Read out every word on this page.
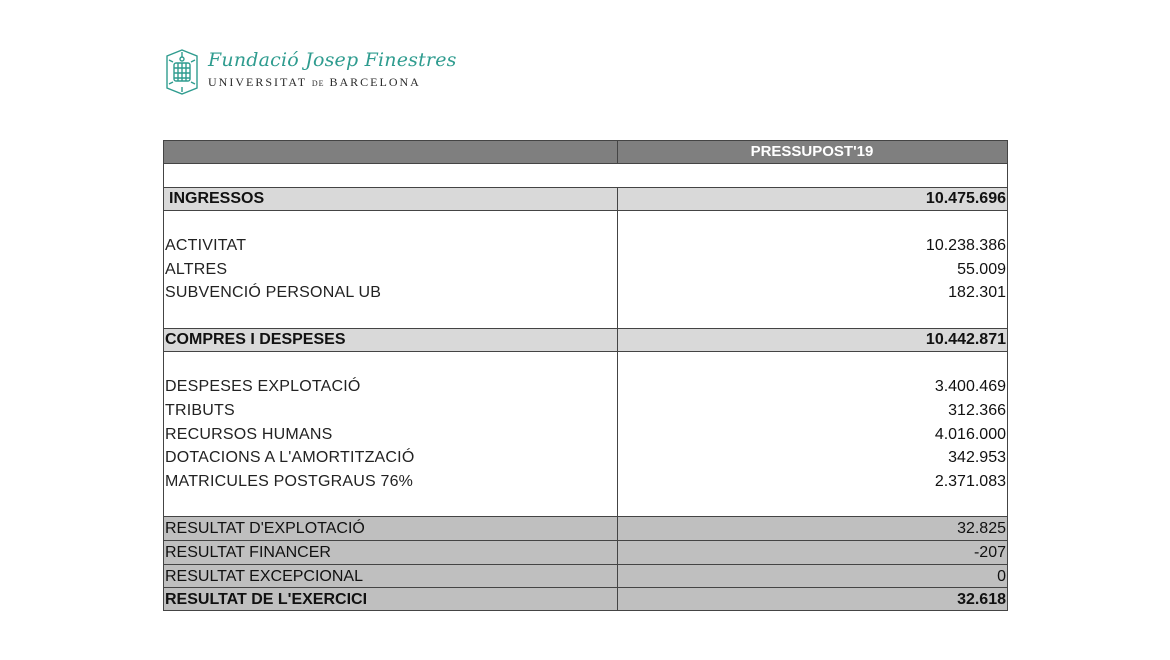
Fundació Josep Finestres
UNIVERSITAT DE BARCELONA
PRESSUPOST'19
INGRESSOS	10.475.696
ACTIVITAT	10.238.386
ALTRES	55.009
SUBVENCIÓ PERSONAL UB	182.301
COMPRES I DESPESES	10.442.871
DESPESES EXPLOTACIÓ	3.400.469
TRIBUTS	312.366
RECURSOS HUMANS	4.016.000
DOTACIONS A L'AMORTITZACIÓ	342.953
MATRICULES POSTGRAUS 76%	2.371.083
RESULTAT D'EXPLOTACIÓ	32.825
RESULTAT FINANCER	-207
RESULTAT EXCEPCIONAL	0
RESULTAT DE L'EXERCICI	32.618
